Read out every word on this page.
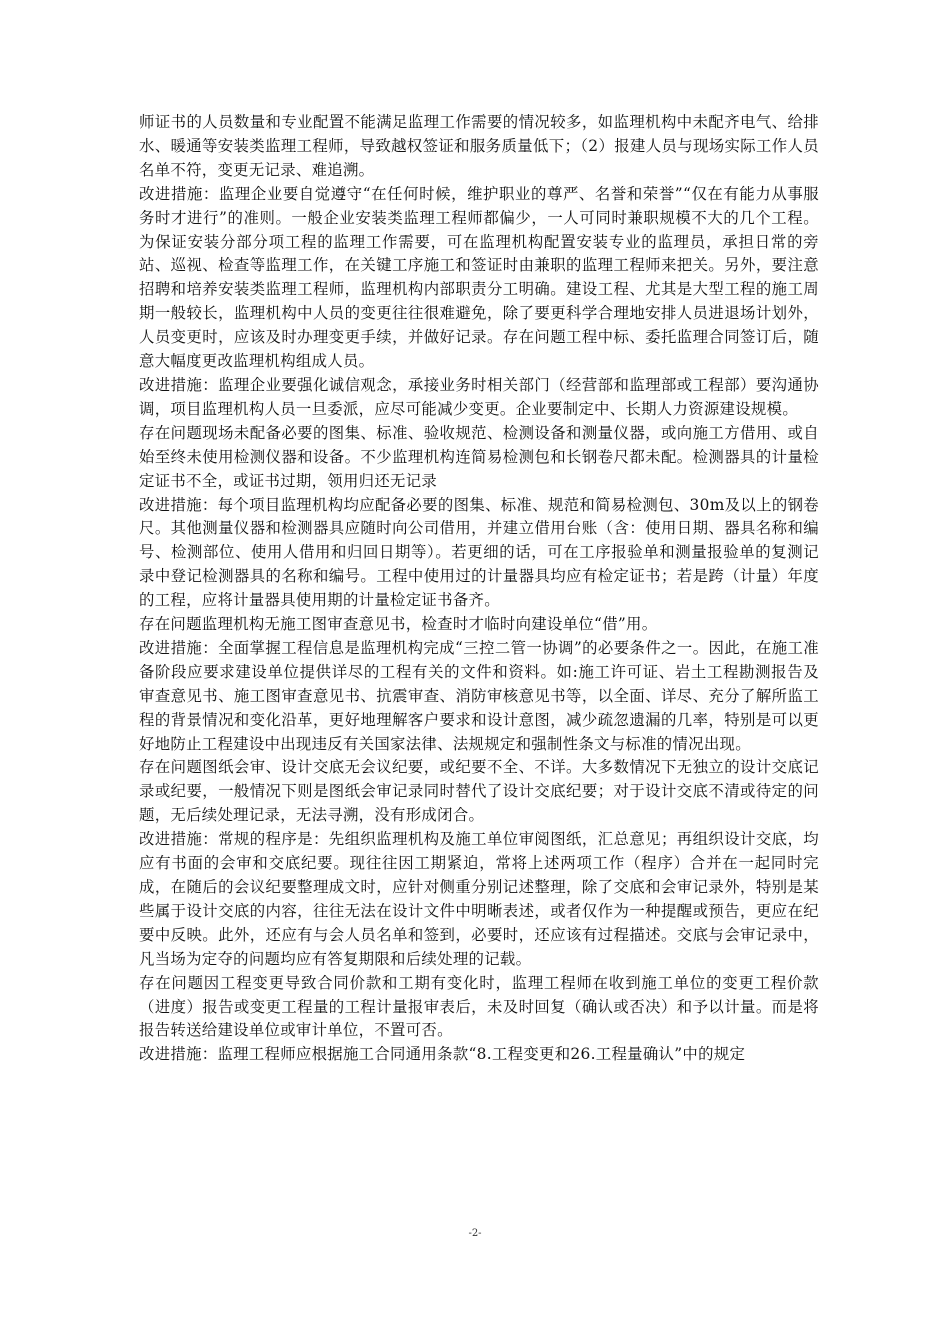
师证书的人员数量和专业配置不能满足监理工作需要的情况较多，如监理机构中未配齐电气、给排水、暖通等安装类监理工程师，导致越权签证和服务质量低下；（2）报建人员与现场实际工作人员名单不符，变更无记录、难追溯。

改进措施：监理企业要自觉遵守“在任何时候，维护职业的尊严、名誉和荣誉”“仅在有能力从事服务时才进行”的准则。一般企业安装类监理工程师都偏少，一人可同时兼职规模不大的几个工程。为保证安装分部分项工程的监理工作需要，可在监理机构配置安装专业的监理员，承担日常的旁站、巡视、检查等监理工作，在关键工序施工和签证时由兼职的监理工程师来把关。另外，要注意招聘和培养安装类监理工程师，监理机构内部职责分工明确。建设工程、尤其是大型工程的施工周期一般较长，监理机构中人员的变更往往很难避免，除了要更科学合理地安排人员进退场计划外，人员变更时，应该及时办理变更手续，并做好记录。存在问题工程中标、委托监理合同签订后，随意大幅度更改监理机构组成人员。

改进措施：监理企业要强化诚信观念，承接业务时相关部门（经营部和监理部或工程部）要沟通协调，项目监理机构人员一旦委派，应尽可能减少变更。企业要制定中、长期人力资源建设规模。

存在问题现场未配备必要的图集、标准、验收规范、检测设备和测量仪器，或向施工方借用、或自始至终未使用检测仪器和设备。不少监理机构连简易检测包和长钢卷尺都未配。检测器具的计量检定证书不全，或证书过期，领用归还无记录

改进措施：每个项目监理机构均应配备必要的图集、标准、规范和简易检测包、30m及以上的钢卷尺。其他测量仪器和检测器具应随时向公司借用，并建立借用台账（含：使用日期、器具名称和编号、检测部位、使用人借用和归回日期等）。若更细的话，可在工序报验单和测量报验单的复测记录中登记检测器具的名称和编号。工程中使用过的计量器具均应有检定证书；若是跨（计量）年度的工程，应将计量器具使用期的计量检定证书备齐。

存在问题监理机构无施工图审查意见书，检查时才临时向建设单位“借”用。

改进措施：全面掌握工程信息是监理机构完成“三控二管一协调”的必要条件之一。因此，在施工准备阶段应要求建设单位提供详尽的工程有关的文件和资料。如:施工许可证、岩土工程勘测报告及审查意见书、施工图审查意见书、抗震审查、消防审核意见书等，以全面、详尽、充分了解所监工程的背景情况和变化沿革，更好地理解客户要求和设计意图，减少疏忽遗漏的几率，特别是可以更好地防止工程建设中出现违反有关国家法律、法规规定和强制性条文与标准的情况出现。

存在问题图纸会审、设计交底无会议纪要，或纪要不全、不详。大多数情况下无独立的设计交底记录或纪要，一般情况下则是图纸会审记录同时替代了设计交底纪要；对于设计交底不清或待定的问题，无后续处理记录，无法寻溯，没有形成闭合。

改进措施：常规的程序是：先组织监理机构及施工单位审阅图纸，汇总意见；再组织设计交底，均应有书面的会审和交底纪要。现往往因工期紧迫，常将上述两项工作（程序）合并在一起同时完成，在随后的会议纪要整理成文时，应针对侧重分别记述整理，除了交底和会审记录外，特别是某些属于设计交底的内容，往往无法在设计文件中明晰表述，或者仅作为一种提醒或预告，更应在纪要中反映。此外，还应有与会人员名单和签到，必要时，还应该有过程描述。交底与会审记录中，凡当场为定夺的问题均应有答复期限和后续处理的记载。

存在问题因工程变更导致合同价款和工期有变化时，监理工程师在收到施工单位的变更工程价款（进度）报告或变更工程量的工程计量报审表后，未及时回复（确认或否决）和予以计量。而是将报告转送给建设单位或审计单位，不置可否。

改进措施：监理工程师应根据施工合同通用条款“8.工程变更和26.工程量确认”中的规定

-2-
